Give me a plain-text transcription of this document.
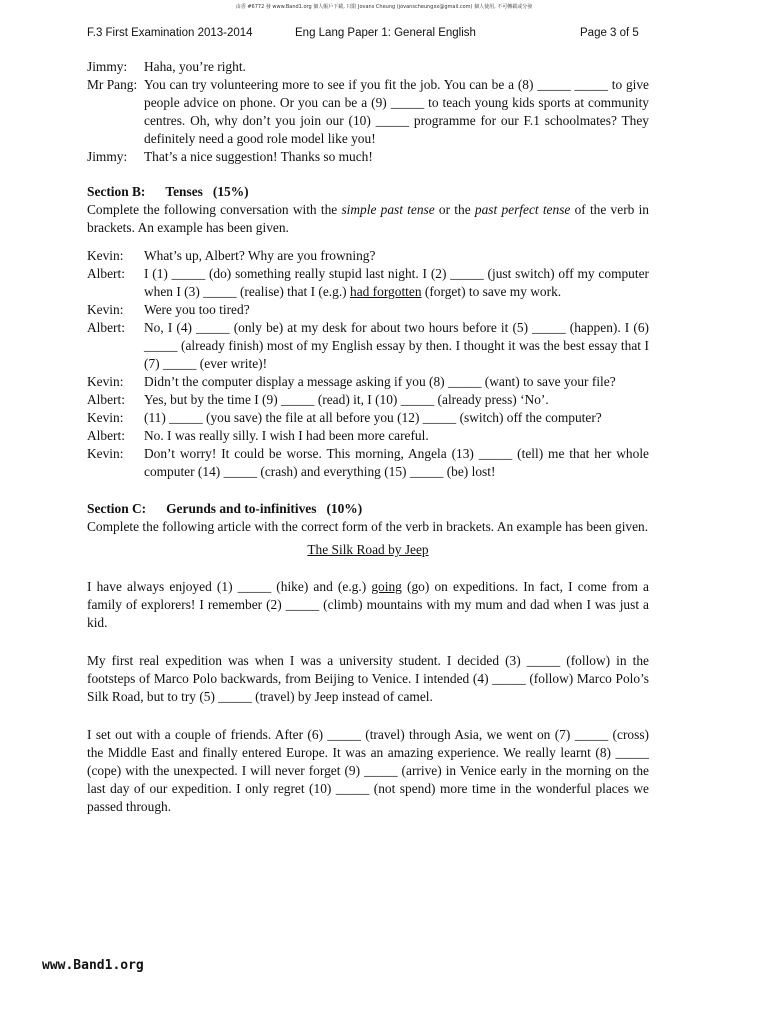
由香 #6772 發 www.Band1.org 個人帳戶下載, 只限 Jovans Cheung (jovanscheungxx@gmail.com) 個人使用, 不可轉載或分發
F.3 First Examination 2013-2014	Eng Lang Paper 1: General English	Page 3 of 5
Jimmy:	Haha, you’re right.
Mr Pang: You can try volunteering more to see if you fit the job. You can be a (8) _____ _____ to give people advice on phone. Or you can be a (9) _____ to teach young kids sports at community centres. Oh, why don’t you join our (10) _____ programme for our F.1 schoolmates? They definitely need a good role model like you!
Jimmy:	That’s a nice suggestion! Thanks so much!
Section B: Tenses (15%)
Complete the following conversation with the simple past tense or the past perfect tense of the verb in brackets. An example has been given.
Kevin:	What’s up, Albert? Why are you frowning?
Albert:	I (1) _____ (do) something really stupid last night. I (2) _____ (just switch) off my computer when I (3) _____ (realise) that I (e.g.) had forgotten (forget) to save my work.
Kevin:	Were you too tired?
Albert:	No, I (4) _____ (only be) at my desk for about two hours before it (5) _____ (happen). I (6) _____ (already finish) most of my English essay by then. I thought it was the best essay that I (7) _____ (ever write)!
Kevin:	Didn’t the computer display a message asking if you (8) _____ (want) to save your file?
Albert:	Yes, but by the time I (9) _____ (read) it, I (10) _____ (already press) ‘No’.
Kevin:	(11) _____ (you save) the file at all before you (12) _____ (switch) off the computer?
Albert:	No. I was really silly. I wish I had been more careful.
Kevin:	Don’t worry! It could be worse. This morning, Angela (13) _____ (tell) me that her whole computer (14) _____ (crash) and everything (15) _____ (be) lost!
Section C: Gerunds and to-infinitives (10%)
Complete the following article with the correct form of the verb in brackets. An example has been given.
The Silk Road by Jeep
I have always enjoyed (1) _____ (hike) and (e.g.) going (go) on expeditions. In fact, I come from a family of explorers! I remember (2) _____ (climb) mountains with my mum and dad when I was just a kid.
My first real expedition was when I was a university student. I decided (3) _____ (follow) in the footsteps of Marco Polo backwards, from Beijing to Venice. I intended (4) _____ (follow) Marco Polo’s Silk Road, but to try (5) _____ (travel) by Jeep instead of camel.
I set out with a couple of friends. After (6) _____ (travel) through Asia, we went on (7) _____ (cross) the Middle East and finally entered Europe. It was an amazing experience. We really learnt (8) _____ (cope) with the unexpected. I will never forget (9) _____ (arrive) in Venice early in the morning on the last day of our expedition. I only regret (10) _____ (not spend) more time in the wonderful places we passed through.
www.Band1.org
